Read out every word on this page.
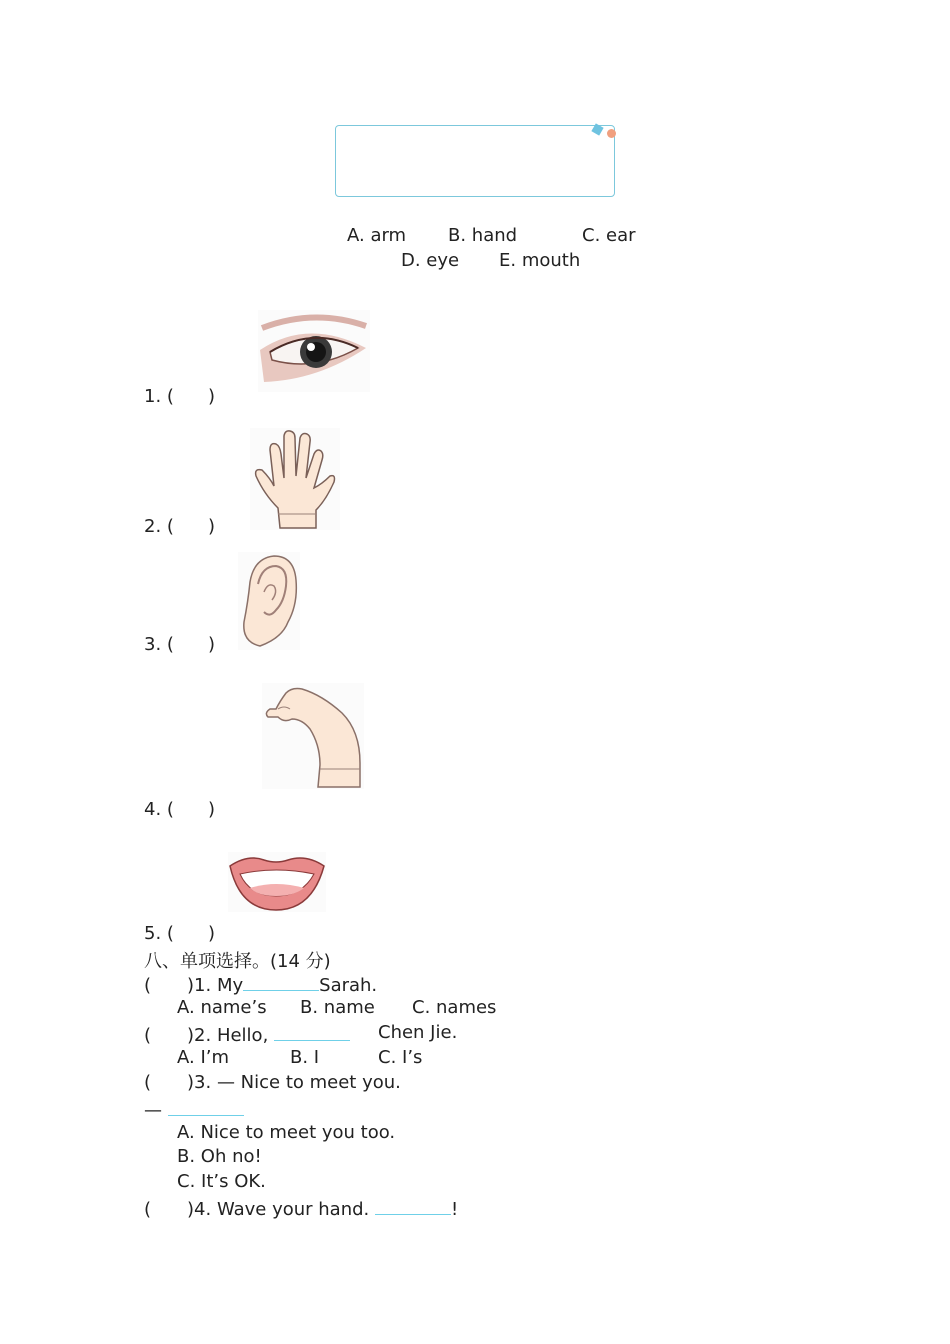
A. arm B. hand	C. ear
D. eye E. mouth
1. ( )
2. ( )
3. ( )
4. ( )
5. ( )
八、单项选择。(14 分)
( )1. My	Sarah.
A. name’s B. name C. names
( )2. Hello,	Chen Jie.
A. I’m	B. I	C. I’s
( )3. — Nice to meet you.
—
A. Nice to meet you too.
B. Oh no!
C. It’s OK.
( )4. Wave your hand.	!
